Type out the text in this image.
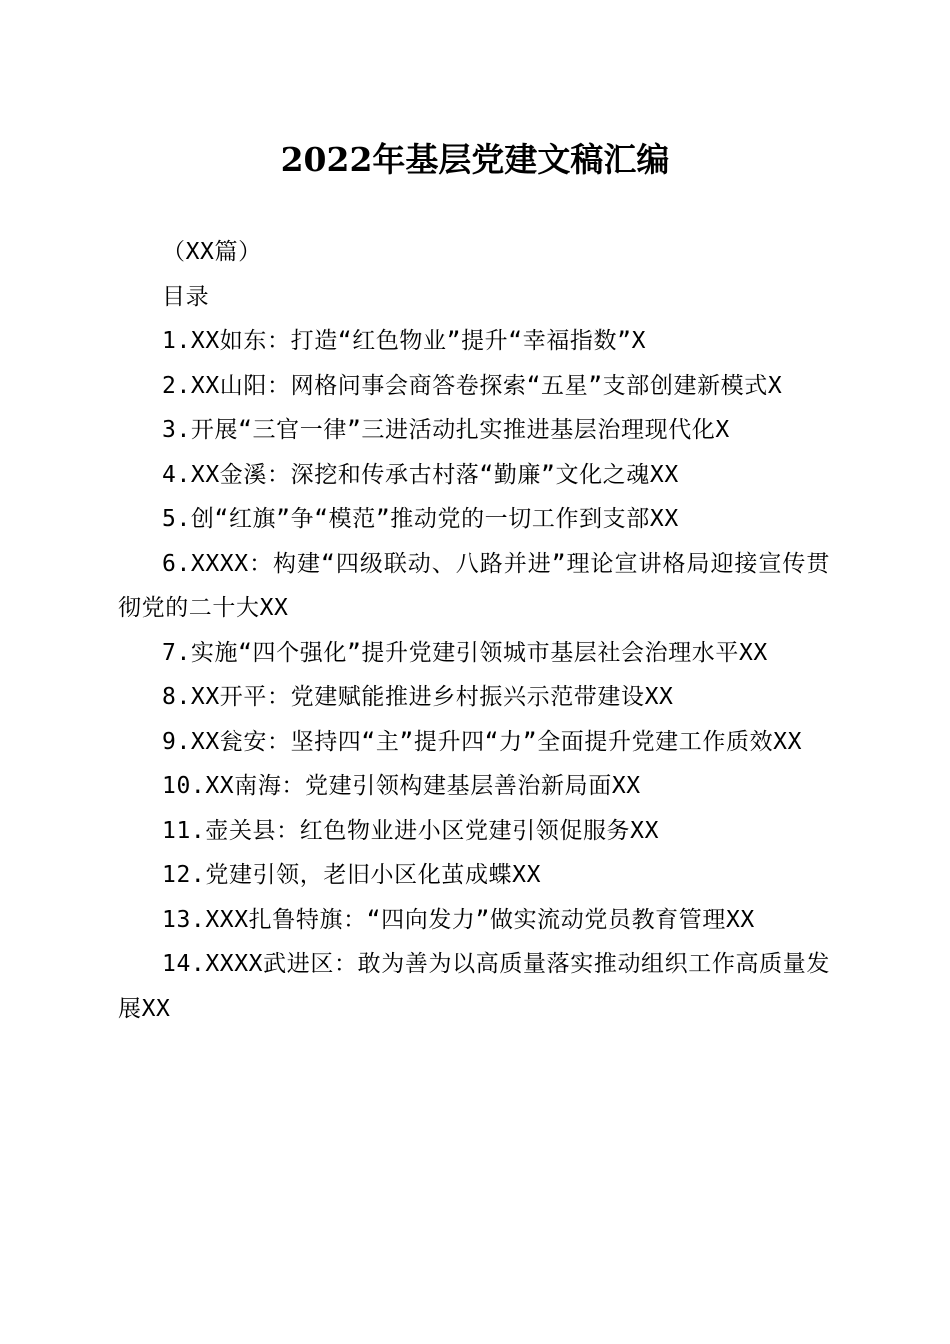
2022年基层党建文稿汇编

（XX篇）

目录

1.XX如东：打造“红色物业”提升“幸福指数”X

2.XX山阳：网格问事会商答卷探索“五星”支部创建新模式X

3.开展“三官一律”三进活动扎实推进基层治理现代化X

4.XX金溪：深挖和传承古村落“勤廉”文化之魂XX

5.创“红旗”争“模范”推动党的一切工作到支部XX

6.XXXX：构建“四级联动、八路并进”理论宣讲格局迎接宣传贯彻党的二十大XX

7.实施“四个强化”提升党建引领城市基层社会治理水平XX

8.XX开平：党建赋能推进乡村振兴示范带建设XX

9.XX瓮安：坚持四“主”提升四“力”全面提升党建工作质效XX

10.XX南海：党建引领构建基层善治新局面XX

11.壶关县：红色物业进小区党建引领促服务XX

12.党建引领，老旧小区化茧成蝶XX

13.XXX扎鲁特旗：“四向发力”做实流动党员教育管理XX

14.XXXX武进区：敢为善为以高质量落实推动组织工作高质量发展XX
